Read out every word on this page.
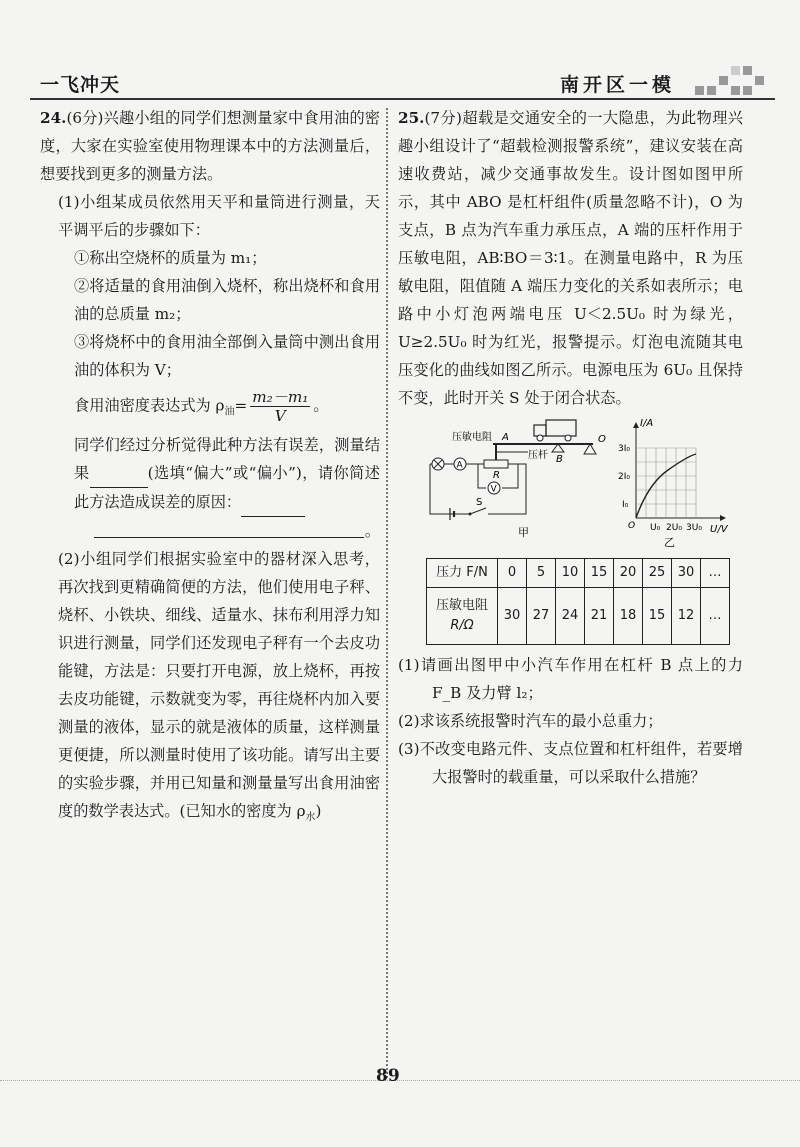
一飞冲天	南开区一模

24.(6分)兴趣小组的同学们想测量家中食用油的密度，大家在实验室使用物理课本中的方法测量后，想要找到更多的测量方法。

(1)小组某成员依然用天平和量筒进行测量，天平调平后的步骤如下：

①称出空烧杯的质量为 m₁；

②将适量的食用油倒入烧杯，称出烧杯和食用油的总质量 m₂；

③将烧杯中的食用油全部倒入量筒中测出食用油的体积为 V；

食用油密度表达式为 $\rho_油= \frac{\text{m₂－m₁}}{V}$ 。

同学们经过分析觉得此种方法有误差，测量结果	(选填“偏大”或“偏小”)，请你简述此方法造成误差的原因：

。

(2)小组同学们根据实验室中的器材深入思考，再次找到更精确简便的方法，他们使用电子秤、烧杯、小铁块、细线、适量水、抹布利用浮力知识进行测量，同学们还发现电子秤有一个去皮功能键，方法是：只要打开电源，放上烧杯，再按去皮功能键，示数就变为零，再往烧杯内加入要测量的液体，显示的就是液体的质量，这样测量更便捷，所以测量时使用了该功能。请写出主要的实验步骤，并用已知量和测量量写出食用油密度的数学表达式。(已知水的密度为 $\rho_水$)

25.(7分)超载是交通安全的一大隐患，为此物理兴趣小组设计了“超载检测报警系统”，建议安装在高速收费站，减少交通事故发生。设计图如图甲所示，其中 ABO 是杠杆组件(质量忽略不计)，O 为支点，B 点为汽车重力承压点，A 端的压杆作用于压敏电阻，AB∶BO＝3∶1。在测量电路中，R 为压敏电阻，阻值随 A 端压力变化的关系如表所示；电路中小灯泡两端电压 U＜2.5U₀ 时为绿光，U≥2.5U₀ 时为红光，报警提示。灯泡电流随其电压变化的曲线如图乙所示。电源电压为 6U₀ 且保持不变，此时开关 S 处于闭合状态。

A
B
O
压敏电阻
压杆
R
A
V
S
甲
I/A
U/V
3I₀
2I₀
I₀
U₀ 2U₀ 3U₀
O
乙
压力 F/N	0	5	10	15	20	25	30	…
压敏电阻
R/Ω	30	27	24	21	18	15	12	…

(1)请画出图甲中小汽车作用在杠杆 B 点上的力 F_B 及力臂 l₂；

(2)求该系统报警时汽车的最小总重力；

(3)不改变电路元件、支点位置和杠杆组件，若要增大报警时的载重量，可以采取什么措施？

89
